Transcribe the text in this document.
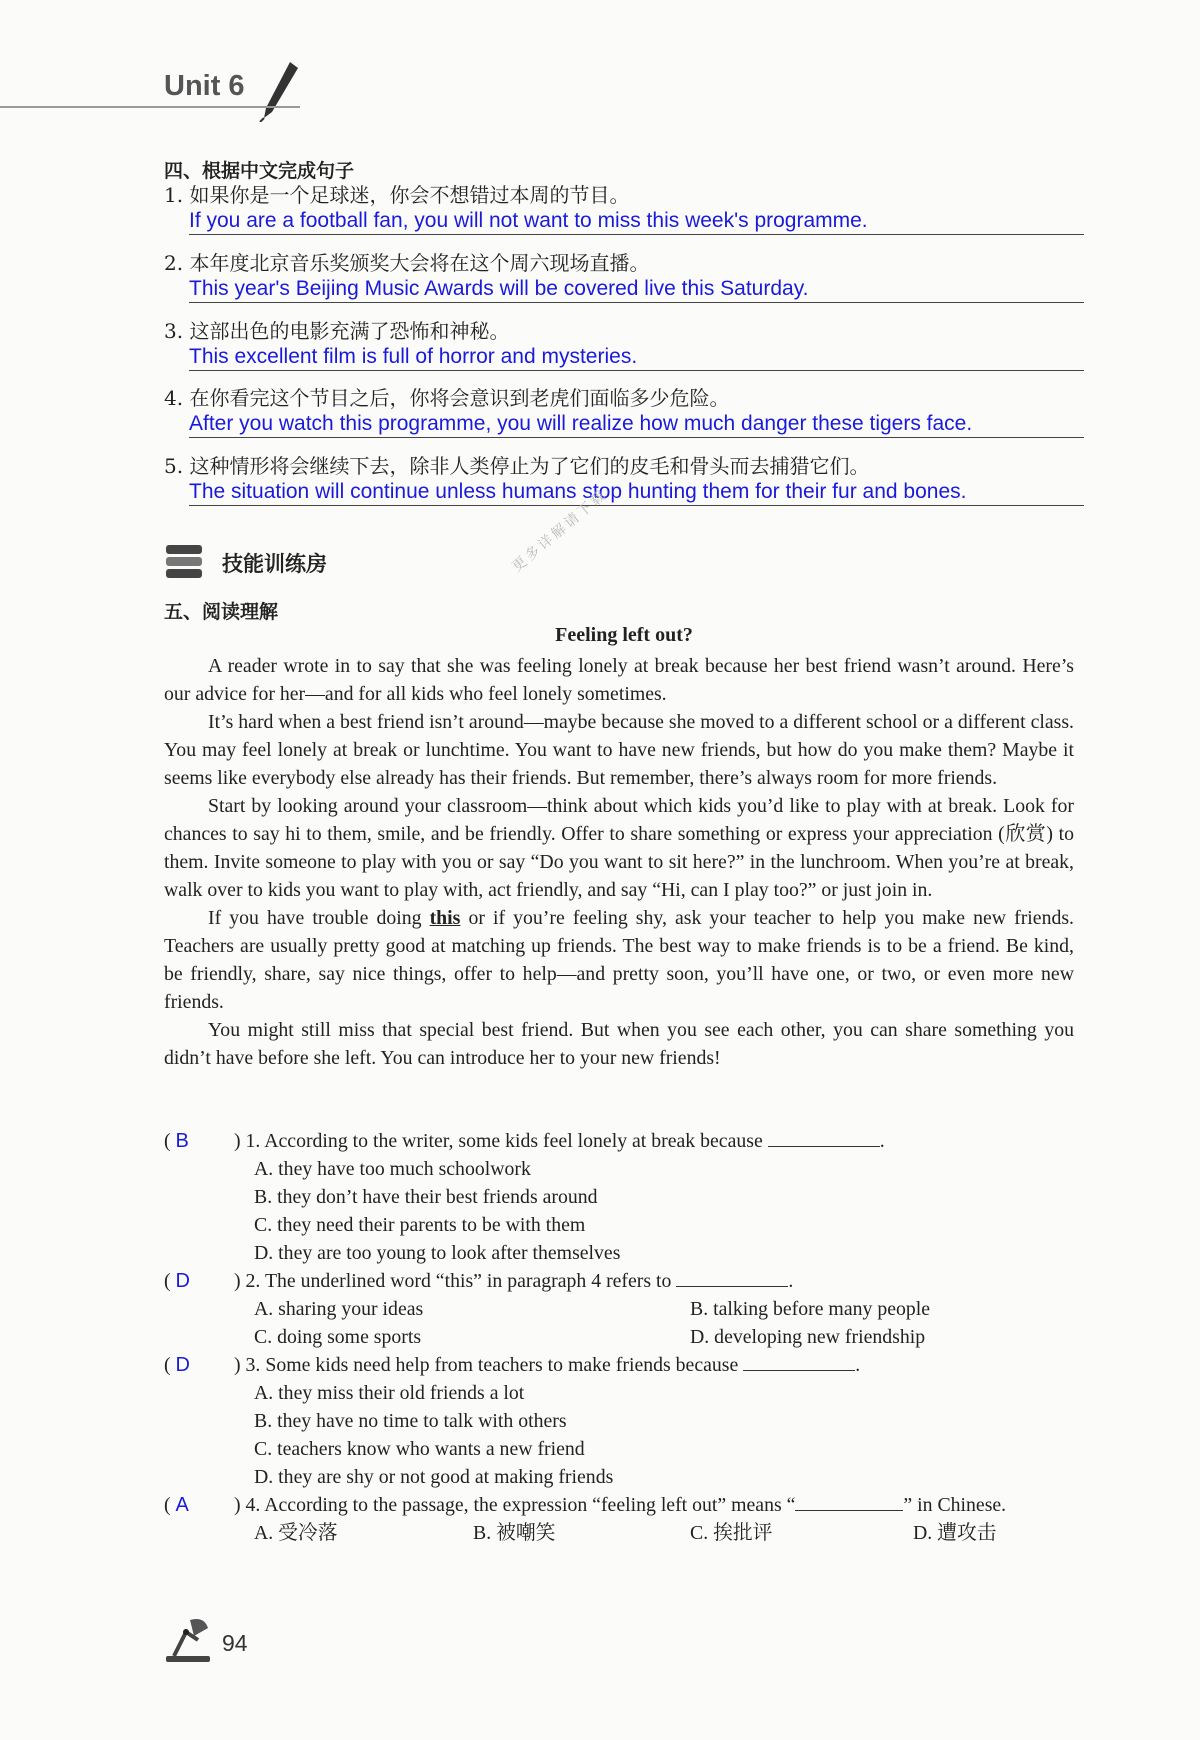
Unit 6
四、根据中文完成句子
1. 如果你是一个足球迷，你会不想错过本周的节目。
If you are a football fan, you will not want to miss this week's programme.
2. 本年度北京音乐奖颁奖大会将在这个周六现场直播。
This year's Beijing Music Awards will be covered live this Saturday.
3. 这部出色的电影充满了恐怖和神秘。
This excellent film is full of horror and mysteries.
4. 在你看完这个节目之后，你将会意识到老虎们面临多少危险。
After you watch this programme, you will realize how much danger these tigers face.
5. 这种情形将会继续下去，除非人类停止为了它们的皮毛和骨头而去捕猎它们。
The situation will continue unless humans stop hunting them for their fur and bones.
技能训练房	更多详解请下载
五、阅读理解
Feeling left out?

A reader wrote in to say that she was feeling lonely at break because her best friend wasn’t around. Here’s our advice for her—and for all kids who feel lonely sometimes.

It’s hard when a best friend isn’t around—maybe because she moved to a different school or a different class. You may feel lonely at break or lunchtime. You want to have new friends, but how do you make them? Maybe it seems like everybody else already has their friends. But remember, there’s always room for more friends.

Start by looking around your classroom—think about which kids you’d like to play with at break. Look for chances to say hi to them, smile, and be friendly. Offer to share something or express your appreciation (欣赏) to them. Invite someone to play with you or say “Do you want to sit here?” in the lunchroom. When you’re at break, walk over to kids you want to play with, act friendly, and say “Hi, can I play too?” or just join in.

If you have trouble doing this or if you’re feeling shy, ask your teacher to help you make new friends. Teachers are usually pretty good at matching up friends. The best way to make friends is to be a friend. Be kind, be friendly, share, say nice things, offer to help—and pretty soon, you’ll have one, or two, or even more new friends.

You might still miss that special best friend. But when you see each other, you can share something you didn’t have before she left. You can introduce her to your new friends!

( B ) 1. According to the writer, some kids feel lonely at break because	.
A. they have too much schoolwork
B. they don’t have their best friends around
C. they need their parents to be with them
D. they are too young to look after themselves
( D ) 2. The underlined word “this” in paragraph 4 refers to	.
A. sharing your ideas	B. talking before many people
C. doing some sports	D. developing new friendship
( D ) 3. Some kids need help from teachers to make friends because	.
A. they miss their old friends a lot
B. they have no time to talk with others
C. teachers know who wants a new friend
D. they are shy or not good at making friends
( A ) 4. According to the passage, the expression “feeling left out” means “	” in Chinese.
A. 受冷落	B. 被嘲笑	C. 挨批评	D. 遭攻击
94
